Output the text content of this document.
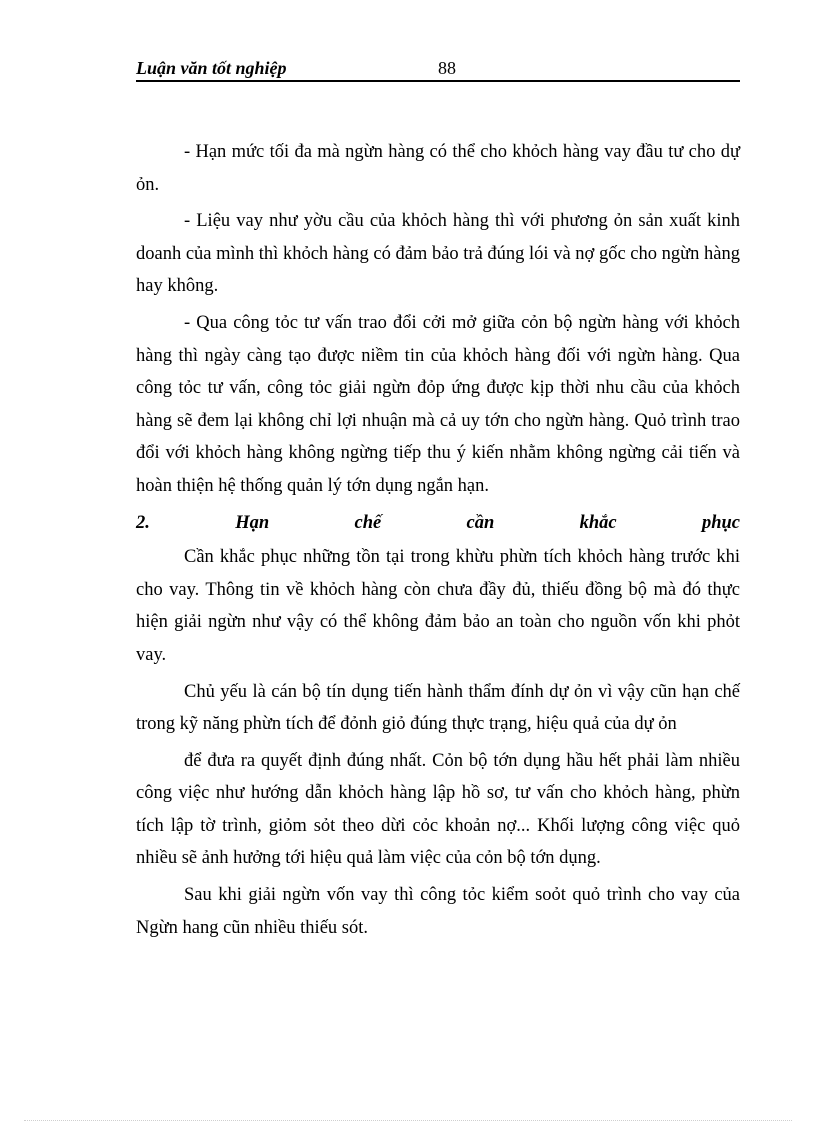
Luận văn tốt nghiệp	88

- Hạn mức tối đa mà ngừn hàng có thể cho khỏch hàng vay đầu tư cho dự ỏn.

- Liệu vay như yờu cầu của khỏch hàng thì với phương ỏn sản xuất kinh doanh của mình thì khỏch hàng có đảm bảo trả đúng lói và nợ gốc cho ngừn hàng hay không.

- Qua công tỏc tư vấn trao đổi cởi mở giữa cỏn bộ ngừn hàng với khỏch hàng thì ngày càng tạo được niềm tin của khỏch hàng đối với ngừn hàng. Qua công tỏc tư vấn, công tỏc giải ngừn đỏp ứng được kịp thời nhu cầu của khỏch hàng sẽ đem lại không chỉ lợi nhuận mà cả uy tớn cho ngừn hàng. Quỏ trình trao đổi với khỏch hàng không ngừng tiếp thu ý kiến nhằm không ngừng cải tiến và hoàn thiện hệ thống quản lý tớn dụng ngắn hạn.

2. Hạn chế cần khắc phục

Cần khắc phục những tồn tại trong khừu phừn tích khỏch hàng trước khi cho vay. Thông tin về khỏch hàng còn chưa đầy đủ, thiếu đồng bộ mà đó thực hiện giải ngừn như vậy có thể không đảm bảo an toàn cho nguồn vốn khi phỏt vay.

Chủ yếu là cán bộ tín dụng tiến hành thẩm đính dự ỏn vì vậy cũn hạn chế trong kỹ năng phừn tích để đỏnh giỏ đúng thực trạng, hiệu quả của dự ỏn

để đưa ra quyết định đúng nhất. Cỏn bộ tớn dụng hầu hết phải làm nhiều công việc như hướng dẫn khỏch hàng lập hồ sơ, tư vấn cho khỏch hàng, phừn tích lập tờ trình, giỏm sỏt theo dừi cỏc khoản nợ... Khối lượng công việc quỏ nhiều sẽ ảnh hưởng tới hiệu quả làm việc của cỏn bộ tớn dụng.

Sau khi giải ngừn vốn vay thì công tỏc kiểm soỏt quỏ trình cho vay của Ngừn hang cũn nhiều thiếu sót.
